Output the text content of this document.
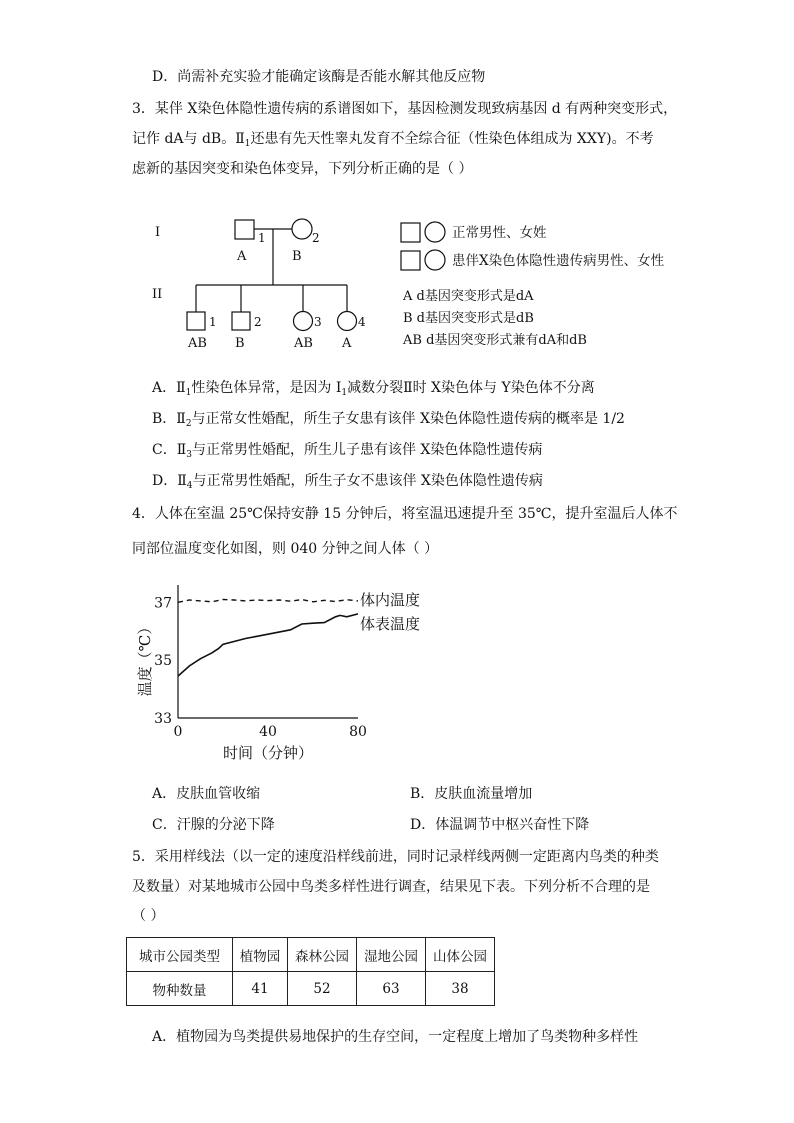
D．尚需补充实验才能确定该酶是否能水解其他反应物
3．某伴 X染色体隐性遗传病的系谱图如下，基因检测发现致病基因 d 有两种突变形式，
记作 dA与 dB。$Ⅱ_1$还患有先天性睾丸发育不全综合征（性染色体组成为 XXY)。不考
虑新的基因突变和染色体变异，下列分析正确的是（ ）
I
II
1
A
2
B
1
AB
2
B
3
AB
4
A
正常男性、女姓
患伴X染色体隐性遗传病男性、女性
A d基因突变形式是dA
B d基因突变形式是dB
AB d基因突变形式兼有dA和dB
A．$Ⅱ_1$性染色体异常，是因为 $I_1$减数分裂Ⅱ时 X染色体与 Y染色体不分离
B．$Ⅱ_2$与正常女性婚配，所生子女患有该伴 X染色体隐性遗传病的概率是 1/2
C．$Ⅱ_3$与正常男性婚配，所生儿子患有该伴 X染色体隐性遗传病
D．$Ⅱ_4$与正常男性婚配，所生子女不患该伴 X染色体隐性遗传病
4．人体在室温 25℃保持安静 15 分钟后，将室温迅速提升至 35℃，提升室温后人体不
同部位温度变化如图，则 040 分钟之间人体（ ）
33
35
37
0	40	80
时间（分钟）
温度（℃）
体内温度
体表温度
A．皮肤血管收缩	B．皮肤血流量增加
C．汗腺的分泌下降	D．体温调节中枢兴奋性下降
5．采用样线法（以一定的速度沿样线前进，同时记录样线两侧一定距离内鸟类的种类
及数量）对某地城市公园中鸟类多样性进行调查，结果见下表。下列分析不合理的是
（ ）
城市公园类型	植物园	森林公园	湿地公园	山体公园
物种数量	41	52	63	38
A．植物园为鸟类提供易地保护的生存空间，一定程度上增加了鸟类物种多样性
